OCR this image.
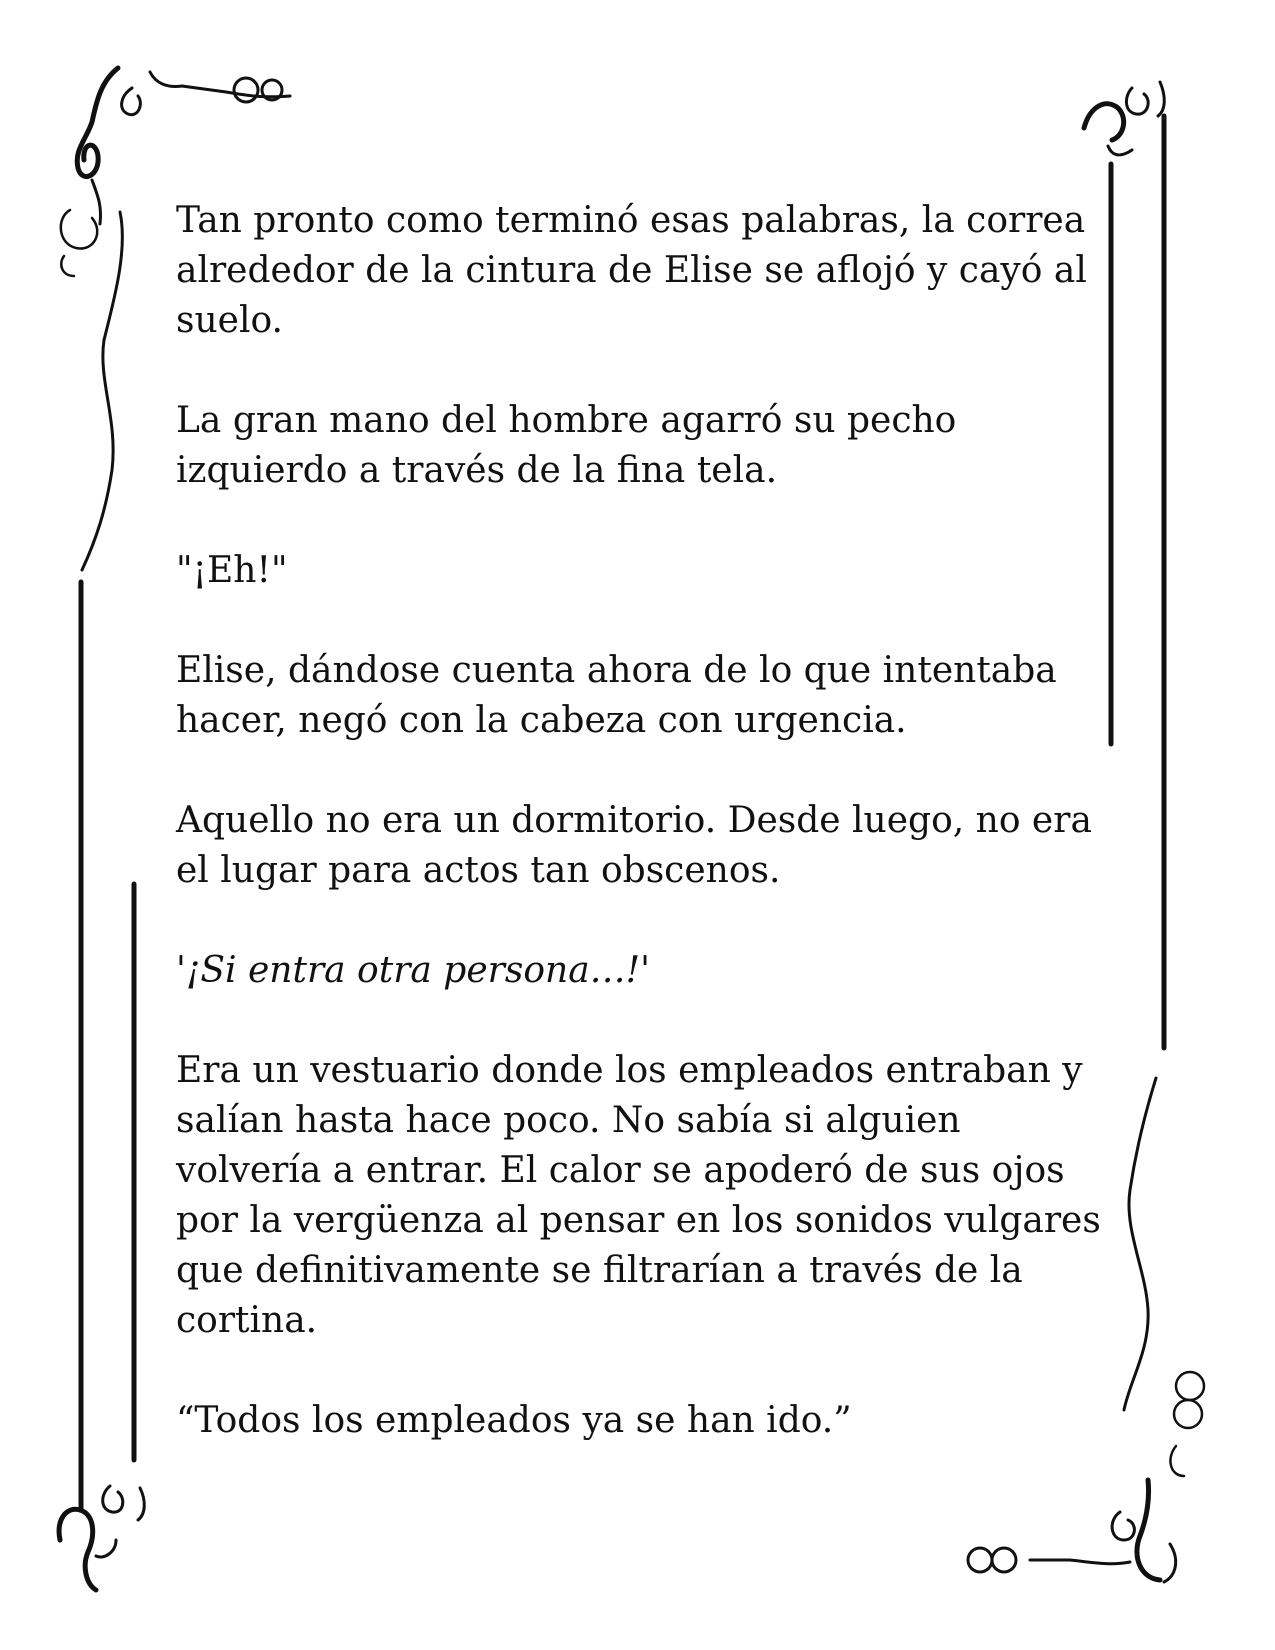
Tan pronto como terminó esas palabras, la correa alrededor de la cintura de Elise se aflojó y cayó al suelo.

La gran mano del hombre agarró su pecho izquierdo a través de la fina tela.

"¡Eh!"

Elise, dándose cuenta ahora de lo que intentaba hacer, negó con la cabeza con urgencia.

Aquello no era un dormitorio. Desde luego, no era el lugar para actos tan obscenos.

'¡Si entra otra persona…!'

Era un vestuario donde los empleados entraban y salían hasta hace poco. No sabía si alguien volvería a entrar. El calor se apoderó de sus ojos por la vergüenza al pensar en los sonidos vulgares que definitivamente se filtrarían a través de la cortina.

“Todos los empleados ya se han ido.”
